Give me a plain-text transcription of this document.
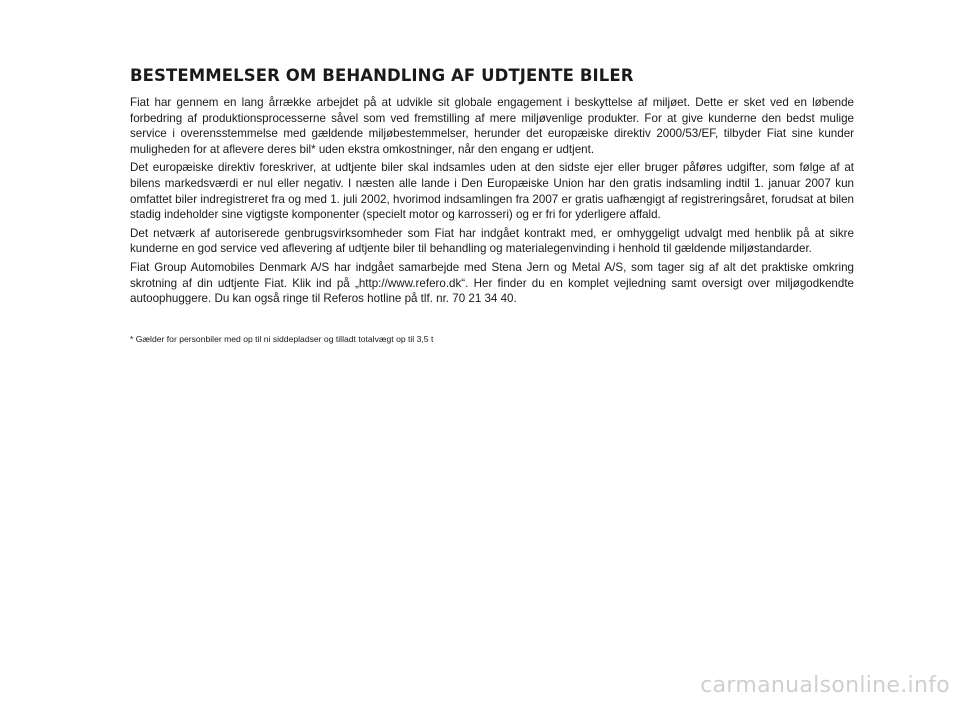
BESTEMMELSER OM BEHANDLING AF UDTJENTE BILER

Fiat har gennem en lang årrække arbejdet på at udvikle sit globale engagement i beskyttelse af miljøet. Dette er sket ved en løbende forbedring af produktionsprocesserne såvel som ved fremstilling af mere miljøvenlige produkter. For at give kunderne den bedst mulige service i overensstemmelse med gældende miljøbestemmelser, herunder det europæiske direktiv 2000/53/EF, tilbyder Fiat sine kunder muligheden for at aflevere deres bil* uden ekstra omkostninger, når den engang er udtjent.

Det europæiske direktiv foreskriver, at udtjente biler skal indsamles uden at den sidste ejer eller bruger påføres udgifter, som følge af at bilens markedsværdi er nul eller negativ. I næsten alle lande i Den Europæiske Union har den gratis indsamling indtil 1. januar 2007 kun omfattet biler indregistreret fra og med 1. juli 2002, hvorimod indsamlingen fra 2007 er gratis uafhængigt af registreringsåret, forudsat at bilen stadig indeholder sine vigtigste komponenter (specielt motor og karrosseri) og er fri for yderligere affald.

Det netværk af autoriserede genbrugsvirksomheder som Fiat har indgået kontrakt med, er omhyggeligt udvalgt med henblik på at sikre kunderne en god service ved aflevering af udtjente biler til behandling og materialegenvinding i henhold til gældende miljøstandarder.

Fiat Group Automobiles Denmark A/S har indgået samarbejde med Stena Jern og Metal A/S, som tager sig af alt det praktiske omkring skrotning af din udtjente Fiat. Klik ind på „http://www.refero.dk“. Her finder du en komplet vejledning samt oversigt over miljøgodkendte autoophuggere. Du kan også ringe til Referos hotline på tlf. nr. 70 21 34 40.

* Gælder for personbiler med op til ni siddepladser og tilladt totalvægt op til 3,5 t
carmanualsonline.info
